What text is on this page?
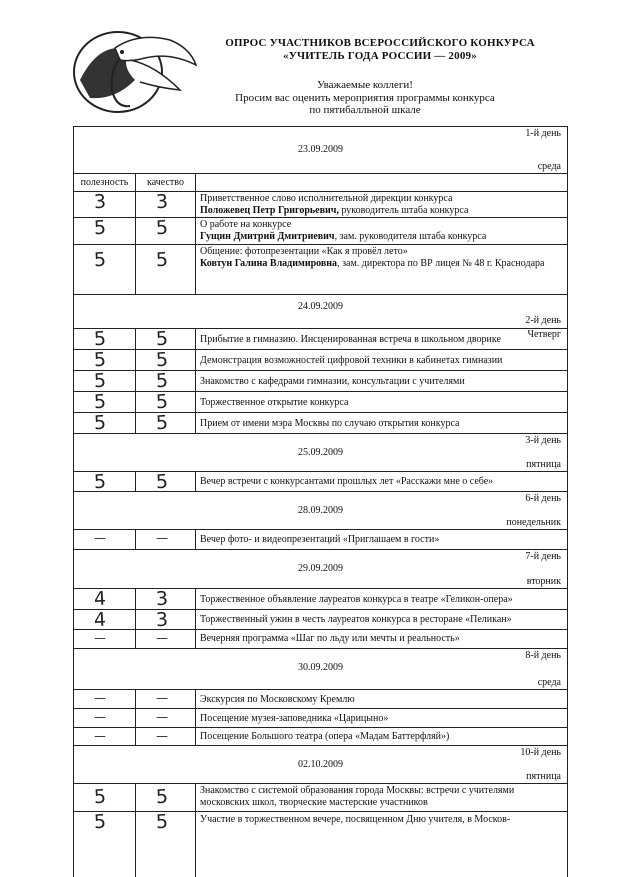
ОПРОС УЧАСТНИКОВ ВСЕРОССИЙСКОГО КОНКУРСА
«УЧИТЕЛЬ ГОДА РОССИИ — 2009»
Уважаемые коллеги!
Просим вас оценить мероприятия программы конкурса
по пятибалльной шкале
1-й день
23.09.2009
среда
полезность	качество
3	3	Приветственное слово исполнительной дирекции конкурса
Положевец Петр Григорьевич, руководитель штаба конкурса
5	5	О работе на конкурсе
Гущин Дмитрий Дмитриевич, зам. руководителя штаба конкурса
5	5	Общение: фотопрезентации «Как я провёл лето»
Ковтун Галина Владимировна, зам. директора по ВР лицея № 48 г. Краснодара
2-й день
24.09.2009
Четверг
5	5	Прибытие в гимназию. Инсценированная встреча в школьном дворике
5	5	Демонстрация возможностей цифровой техники в кабинетах гимназии
5	5	Знакомство с кафедрами гимназии, консультации с учителями
5	5	Торжественное открытие конкурса
5	5	Прием от имени мэра Москвы по случаю открытия конкурса
3-й день
25.09.2009
пятница
5	5	Вечер встречи с конкурсантами прошлых лет «Расскажи мне о себе»
6-й день
28.09.2009
понедельник
—	—	Вечер фото- и видеопрезентаций «Приглашаем в гости»
7-й день
29.09.2009
вторник
4	3	Торжественное объявление лауреатов конкурса в театре «Геликон-опера»
4	3	Торжественный ужин в честь лауреатов конкурса в ресторане «Пеликан»
—	—	Вечерняя программа «Шаг по льду или мечты и реальность»
8-й день
30.09.2009
среда
—	—	Экскурсия по Московскому Кремлю
—	—	Посещение музея-заповедника «Царицыно»
—	—	Посещение Большого театра (опера «Мадам Баттерфляй»)
10-й день
02.10.2009
пятница
5	5	Знакомство с системой образования города Москвы: встречи с учителями московских школ, творческие мастерские участников
5	5	Участие в торжественном вечере, посвященном Дню учителя, в Москов-
